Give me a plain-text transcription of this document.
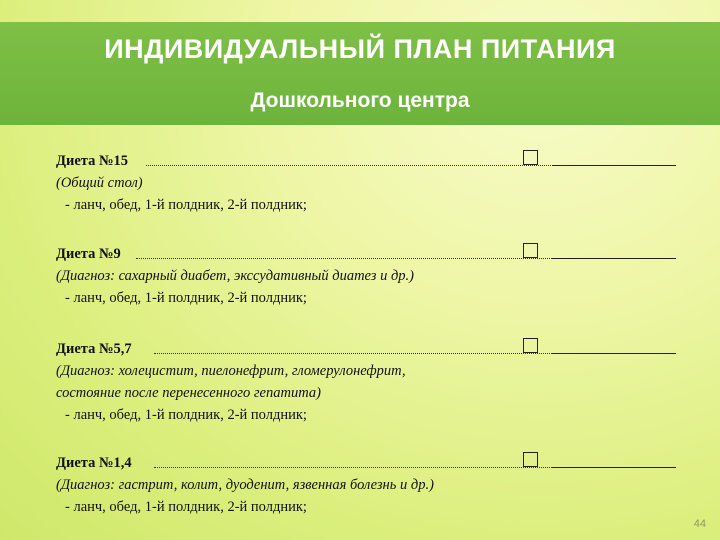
ИНДИВИДУАЛЬНЫЙ ПЛАН ПИТАНИЯ
Дошкольного центра
Диета №15
(Общий стол)
- ланч, обед, 1-й полдник, 2-й полдник;
Диета №9
(Диагноз: сахарный диабет, экссудативный диатез и др.)
- ланч, обед, 1-й полдник, 2-й полдник;
Диета №5,7
(Диагноз: холецистит, пиелонефрит, гломерулонефрит,
состояние после перенесенного гепатита)
- ланч, обед, 1-й полдник, 2-й полдник;
Диета №1,4
(Диагноз: гастрит, колит, дуоденит, язвенная болезнь и др.)
- ланч, обед, 1-й полдник, 2-й полдник;
44
